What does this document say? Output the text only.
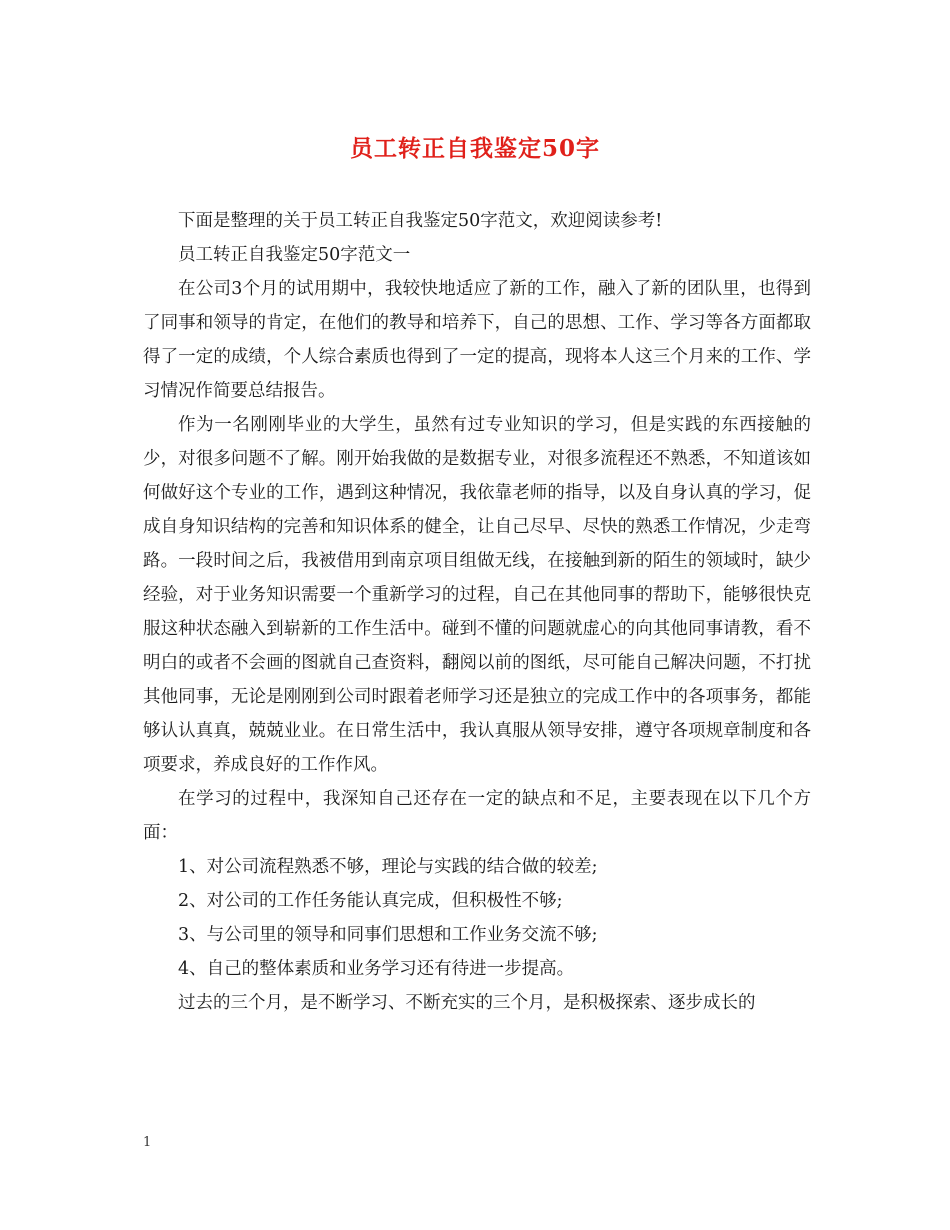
员工转正自我鉴定50字

下面是整理的关于员工转正自我鉴定50字范文，欢迎阅读参考!

员工转正自我鉴定50字范文一

在公司3个月的试用期中，我较快地适应了新的工作，融入了新的团队里，也得到了同事和领导的肯定，在他们的教导和培养下，自己的思想、工作、学习等各方面都取得了一定的成绩，个人综合素质也得到了一定的提高，现将本人这三个月来的工作、学习情况作简要总结报告。

作为一名刚刚毕业的大学生，虽然有过专业知识的学习，但是实践的东西接触的少，对很多问题不了解。刚开始我做的是数据专业，对很多流程还不熟悉，不知道该如何做好这个专业的工作，遇到这种情况，我依靠老师的指导，以及自身认真的学习，促成自身知识结构的完善和知识体系的健全，让自己尽早、尽快的熟悉工作情况，少走弯路。一段时间之后，我被借用到南京项目组做无线，在接触到新的陌生的领域时，缺少经验，对于业务知识需要一个重新学习的过程，自己在其他同事的帮助下，能够很快克服这种状态融入到崭新的工作生活中。碰到不懂的问题就虚心的向其他同事请教，看不明白的或者不会画的图就自己查资料，翻阅以前的图纸，尽可能自己解决问题，不打扰其他同事，无论是刚刚到公司时跟着老师学习还是独立的完成工作中的各项事务，都能够认认真真，兢兢业业。在日常生活中，我认真服从领导安排，遵守各项规章制度和各项要求，养成良好的工作作风。

在学习的过程中，我深知自己还存在一定的缺点和不足，主要表现在以下几个方面：

1、对公司流程熟悉不够，理论与实践的结合做的较差;

2、对公司的工作任务能认真完成，但积极性不够;

3、与公司里的领导和同事们思想和工作业务交流不够;

4、自己的整体素质和业务学习还有待进一步提高。

过去的三个月，是不断学习、不断充实的三个月，是积极探索、逐步成长的

1
